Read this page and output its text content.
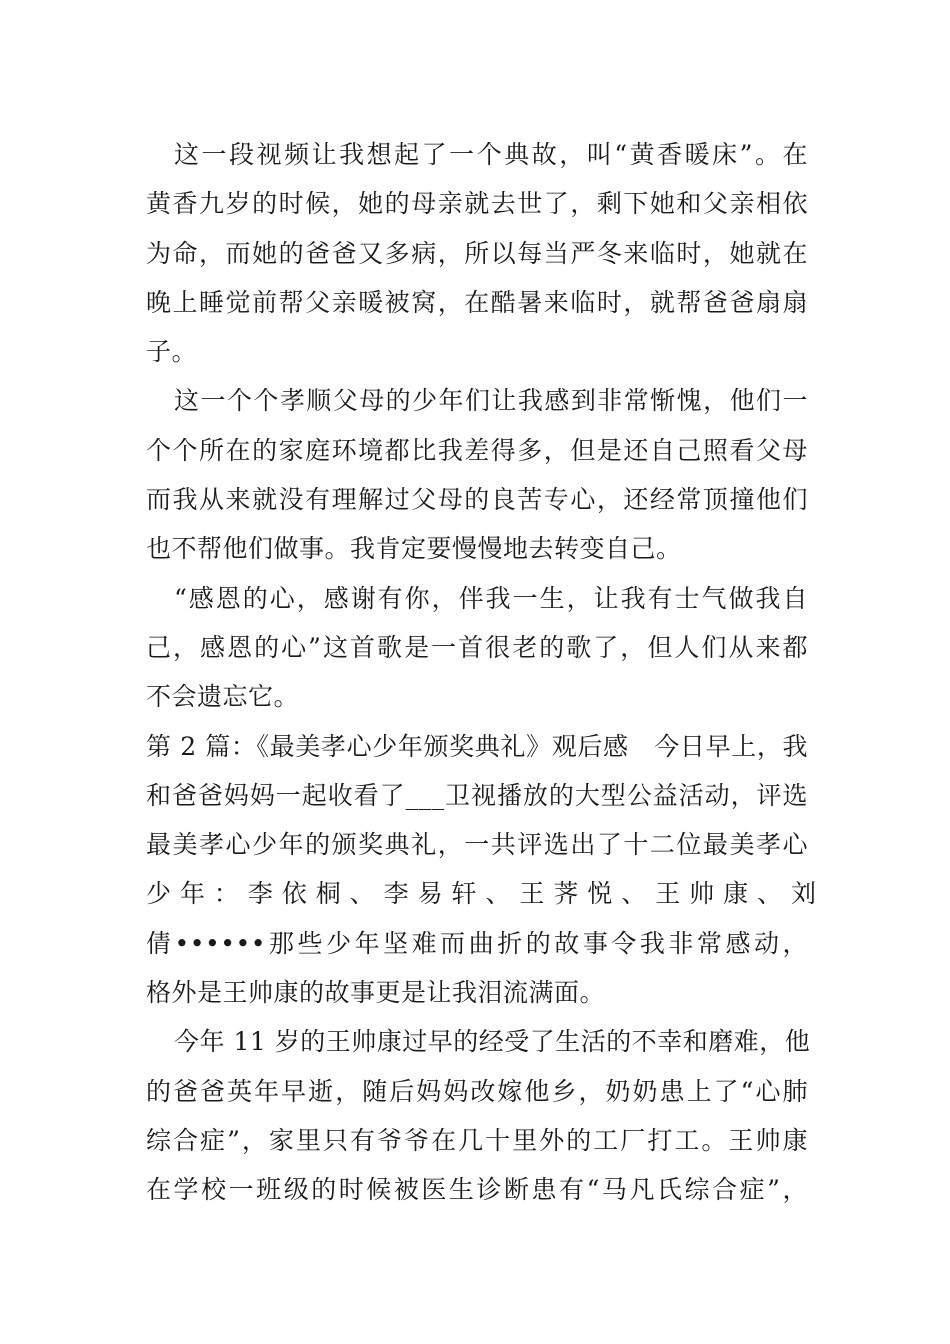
这一段视频让我想起了一个典故，叫“黄香暖床”。在
黄香九岁的时候，她的母亲就去世了，剩下她和父亲相依
为命，而她的爸爸又多病，所以每当严冬来临时，她就在
晚上睡觉前帮父亲暖被窝，在酷暑来临时，就帮爸爸扇扇
子。
这一个个孝顺父母的少年们让我感到非常惭愧，他们一
个个所在的家庭环境都比我差得多，但是还自己照看父母
而我从来就没有理解过父母的良苦专心，还经常顶撞他们
也不帮他们做事。我肯定要慢慢地去转变自己。
“感恩的心，感谢有你，伴我一生，让我有士气做我自
己，感恩的心”这首歌是一首很老的歌了，但人们从来都
不会遗忘它。
第 2 篇：《最美孝心少年颁奖典礼》观后感　今日早上，我
和爸爸妈妈一起收看了___卫视播放的大型公益活动，评选
最美孝心少年的颁奖典礼，一共评选出了十二位最美孝心
少 年 ： 李 依 桐 、 李 易 轩 、 王 荠 悦 、 王 帅 康 、 刘
倩••••••那些少年坚难而曲折的故事令我非常感动，
格外是王帅康的故事更是让我泪流满面。
今年 11 岁的王帅康过早的经受了生活的不幸和磨难，他
的爸爸英年早逝，随后妈妈改嫁他乡，奶奶患上了“心肺
综合症”，家里只有爷爷在几十里外的工厂打工。王帅康
在学校一班级的时候被医生诊断患有“马凡氏综合症”，
